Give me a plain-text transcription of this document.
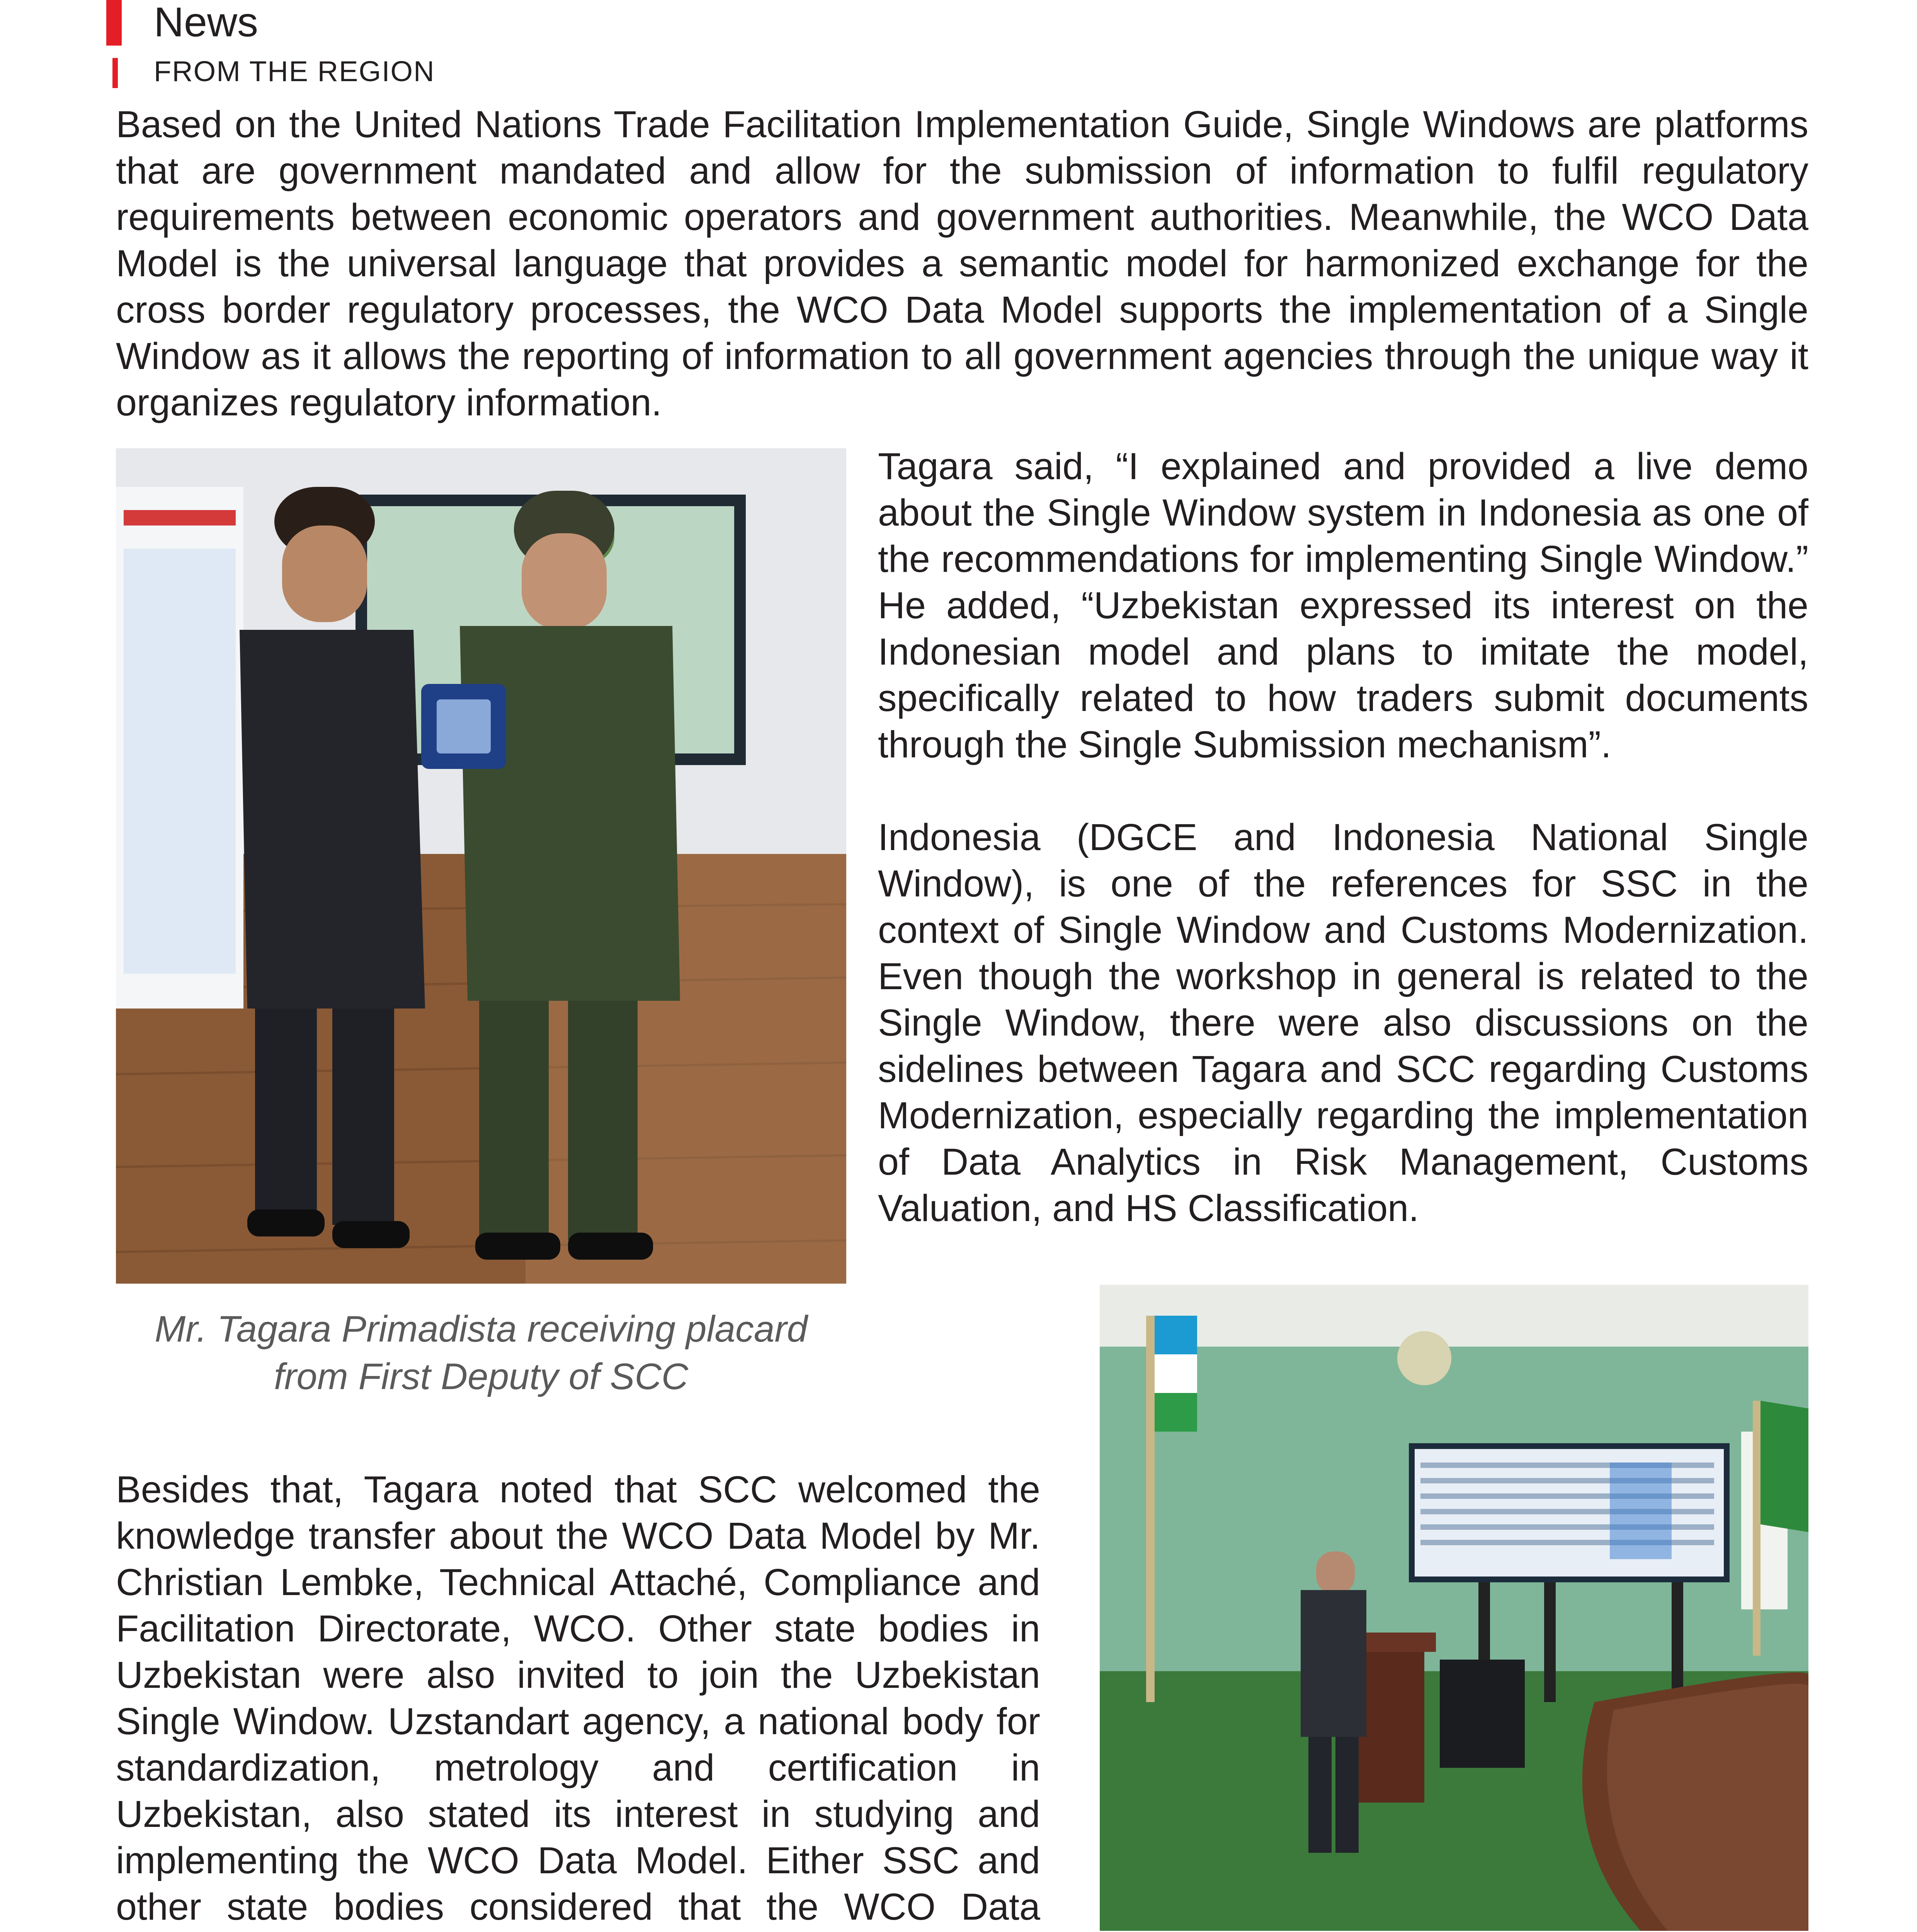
News
FROM THE REGION

Based on the United Nations Trade Facilitation Implementation Guide, Single Windows are platforms that are government mandated and allow for the submission of information to fulfil regulatory requirements between economic operators and government authorities. Meanwhile, the WCO Data Model is the universal language that provides a semantic model for harmonized exchange for the cross border regulatory processes, the WCO Data Model supports the implementation of a Single Window as it allows the reporting of information to all government agencies through the unique way it organizes regulatory information.

Tagara said, “I explained and provided a live demo about the Single Window system in Indonesia as one of the recommendations for implementing Single Window.” He added, “Uzbekistan expressed its interest on the Indonesian model and plans to imitate the model, specifically related to how traders submit documents through the Single Submission mechanism”.

Indonesia (DGCE and Indonesia National Single Window), is one of the references for SSC in the context of Single Window and Customs Modernization. Even though the workshop in general is related to the Single Window, there were also discussions on the sidelines between Tagara and SCC regarding Customs Modernization, especially regarding the implementation of Data Analytics in Risk Management, Customs Valuation, and HS Classification.

Mr. Tagara Primadista receiving placard from First Deputy of SCC

Besides that, Tagara noted that SCC welcomed the knowledge transfer about the WCO Data Model by Mr. Christian Lembke, Technical Attaché, Compliance and Facilitation Directorate, WCO. Other state bodies in Uzbekistan were also invited to join the Uzbekistan Single Window. Uzstandart agency, a national body for standardization, metrology and certification in Uzbekistan, also stated its interest in studying and implementing the WCO Data Model. Either SSC and other state bodies considered that the WCO Data
